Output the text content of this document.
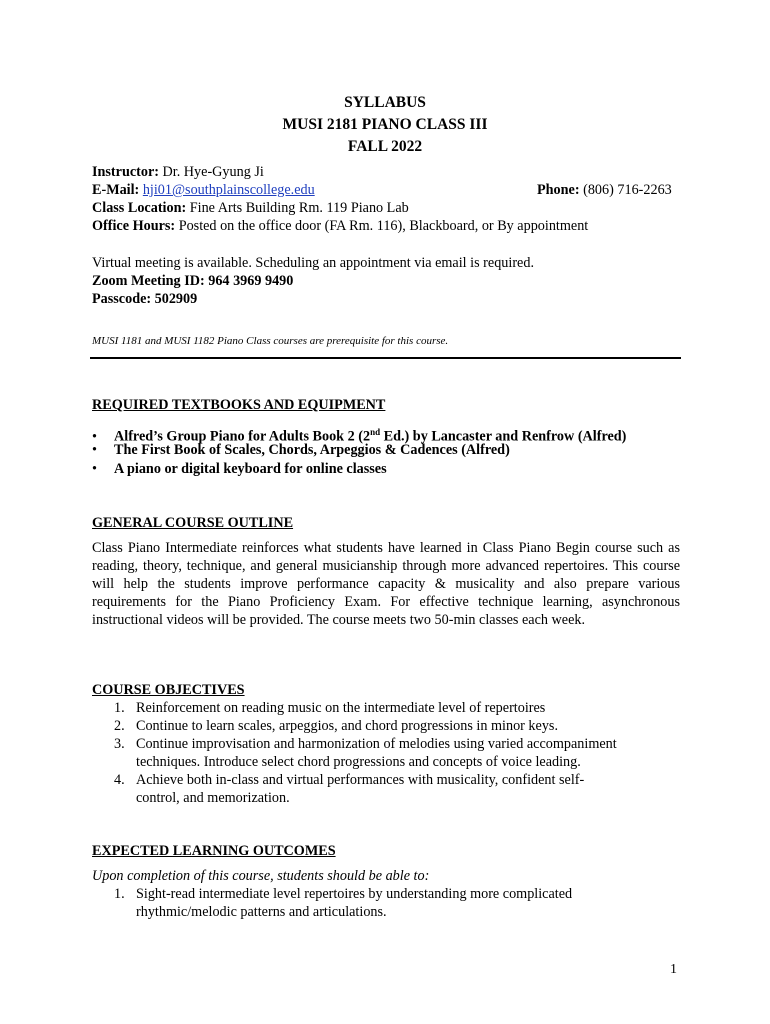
SYLLABUS
MUSI 2181 PIANO CLASS III
FALL 2022
Instructor: Dr. Hye-Gyung Ji
E-Mail: hji01@southplainscollege.edu	Phone: (806) 716-2263
Class Location: Fine Arts Building Rm. 119 Piano Lab
Office Hours: Posted on the office door (FA Rm. 116), Blackboard, or By appointment
Virtual meeting is available. Scheduling an appointment via email is required.
Zoom Meeting ID: 964 3969 9490
Passcode: 502909
MUSI 1181 and MUSI 1182 Piano Class courses are prerequisite for this course.
REQUIRED TEXTBOOKS AND EQUIPMENT
• Alfred’s Group Piano for Adults Book 2 (2nd Ed.) by Lancaster and Renfrow (Alfred)
• The First Book of Scales, Chords, Arpeggios & Cadences (Alfred)
• A piano or digital keyboard for online classes
GENERAL COURSE OUTLINE
Class Piano Intermediate reinforces what students have learned in Class Piano Begin course such as reading, theory, technique, and general musicianship through more advanced repertoires. This course will help the students improve performance capacity & musicality and also prepare various requirements for the Piano Proficiency Exam. For effective technique learning, asynchronous instructional videos will be provided. The course meets two 50-min classes each week.
COURSE OBJECTIVES
1. Reinforcement on reading music on the intermediate level of repertoires
2. Continue to learn scales, arpeggios, and chord progressions in minor keys.
3. Continue improvisation and harmonization of melodies using varied accompaniment
techniques. Introduce select chord progressions and concepts of voice leading.
4. Achieve both in-class and virtual performances with musicality, confident self-
control, and memorization.
EXPECTED LEARNING OUTCOMES
Upon completion of this course, students should be able to:
1. Sight-read intermediate level repertoires by understanding more complicated
rhythmic/melodic patterns and articulations.
1
